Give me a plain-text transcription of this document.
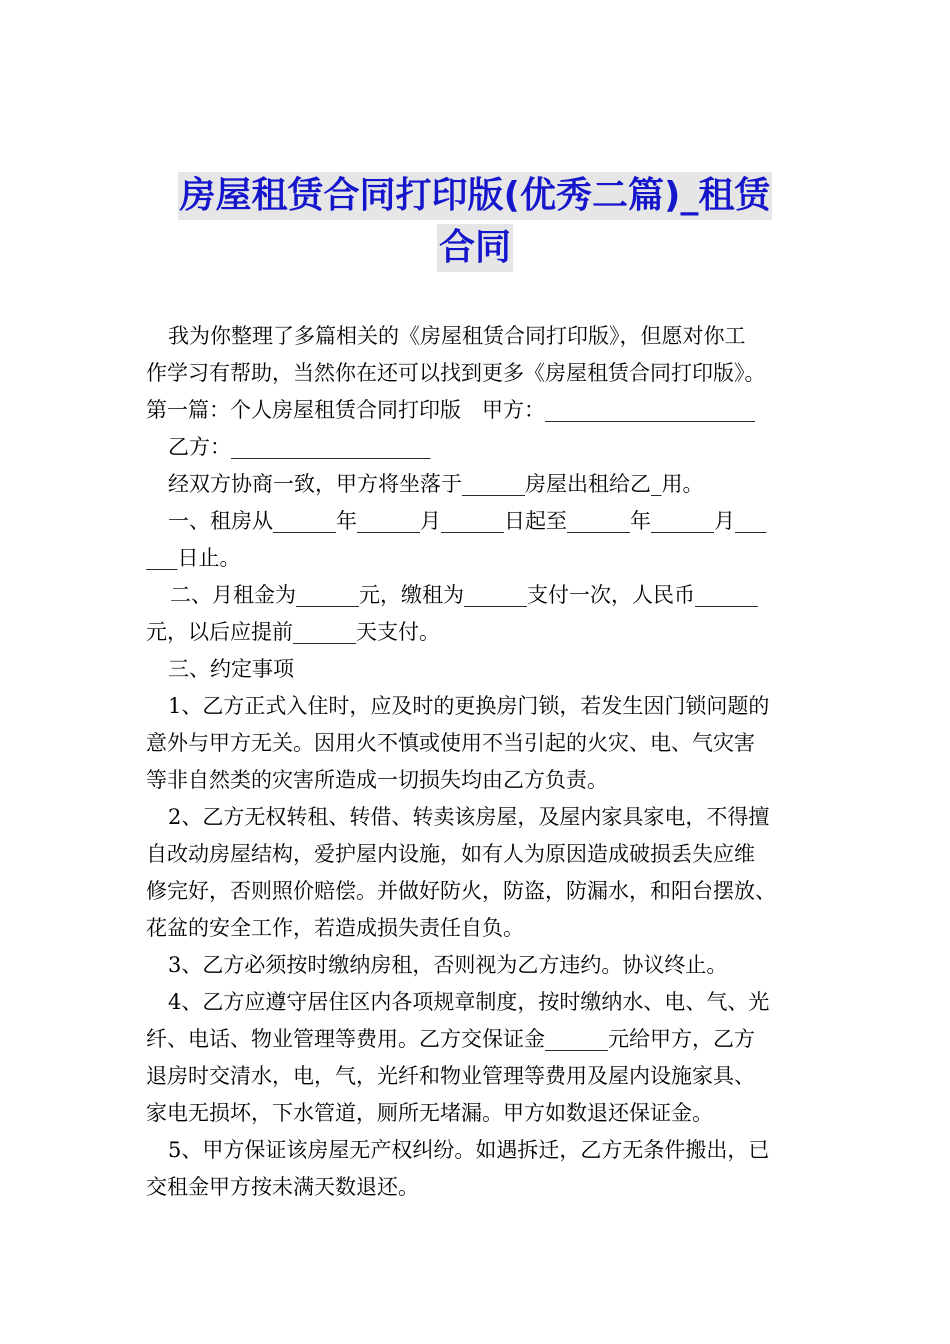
房屋租赁合同打印版(优秀二篇)_租赁
合同

我为你整理了多篇相关的《房屋租赁合同打印版》，但愿对你工

作学习有帮助，当然你在还可以找到更多《房屋租赁合同打印版》。

第一篇：个人房屋租赁合同打印版　甲方：____________________

乙方：___________________

经双方协商一致，甲方将坐落于______房屋出租给乙_用。

一、租房从______年______月______日起至______年______月___

___日止。

二、月租金为______元，缴租为______支付一次，人民币______

元，以后应提前______天支付。

三、约定事项

1、乙方正式入住时，应及时的更换房门锁，若发生因门锁问题的

意外与甲方无关。因用火不慎或使用不当引起的火灾、电、气灾害

等非自然类的灾害所造成一切损失均由乙方负责。

2、乙方无权转租、转借、转卖该房屋，及屋内家具家电，不得擅

自改动房屋结构，爱护屋内设施，如有人为原因造成破损丢失应维

修完好，否则照价赔偿。并做好防火，防盗，防漏水，和阳台摆放、

花盆的安全工作，若造成损失责任自负。

3、乙方必须按时缴纳房租，否则视为乙方违约。协议终止。

4、乙方应遵守居住区内各项规章制度，按时缴纳水、电、气、光

纤、电话、物业管理等费用。乙方交保证金______元给甲方，乙方

退房时交清水，电，气，光纤和物业管理等费用及屋内设施家具、

家电无损坏，下水管道，厕所无堵漏。甲方如数退还保证金。

5、甲方保证该房屋无产权纠纷。如遇拆迁，乙方无条件搬出，已

交租金甲方按未满天数退还。
